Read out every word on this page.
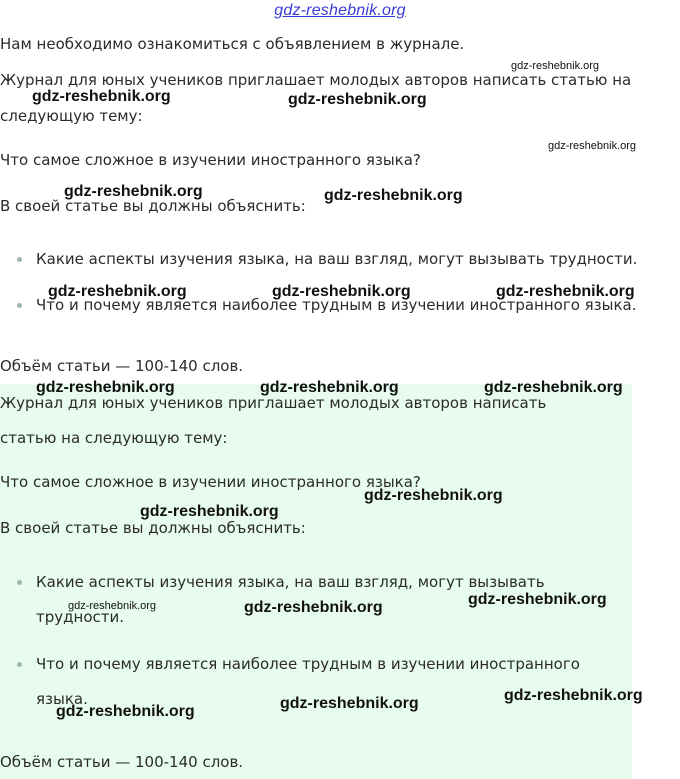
gdz-reshebnik.org
Нам необходимо ознакомиться с объявлением в журнале.
Журнал для юных учеников приглашает молодых авторов написать статью на
следующую тему:
Что самое сложное в изучении иностранного языка?
В своей статье вы должны объяснить:
Какие аспекты изучения языка, на ваш взгляд, могут вызывать трудности.
Что и почему является наиболее трудным в изучении иностранного языка.
Объём статьи — 100-140 слов.
Журнал для юных учеников приглашает молодых авторов написать
статью на следующую тему:
Что самое сложное в изучении иностранного языка?
В своей статье вы должны объяснить:
Какие аспекты изучения языка, на ваш взгляд, могут вызывать
трудности.
Что и почему является наиболее трудным в изучении иностранного
языка.
Объём статьи — 100-140 слов.
gdz-reshebnik.org
gdz-reshebnik.org	gdz-reshebnik.org
gdz-reshebnik.org
gdz-reshebnik.org	gdz-reshebnik.org
gdz-reshebnik.org	gdz-reshebnik.org	gdz-reshebnik.org
gdz-reshebnik.org	gdz-reshebnik.org	gdz-reshebnik.org
gdz-reshebnik.org
gdz-reshebnik.org
gdz-reshebnik.org
gdz-reshebnik.org	gdz-reshebnik.org
gdz-reshebnik.org
gdz-reshebnik.org
gdz-reshebnik.org
